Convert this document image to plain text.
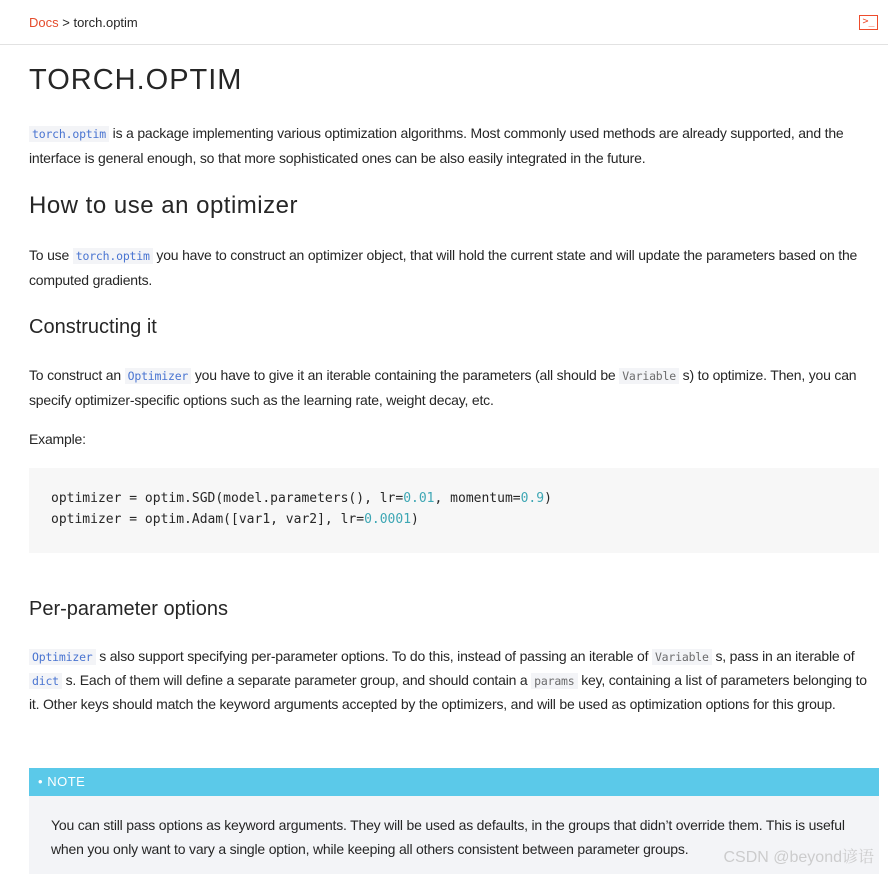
Docs > torch.optim	>_
TORCH.OPTIM

torch.optim is a package implementing various optimization algorithms. Most commonly used methods are already supported, and the interface is general enough, so that more sophisticated ones can be also easily integrated in the future.

How to use an optimizer

To use torch.optim you have to construct an optimizer object, that will hold the current state and will update the parameters based on the computed gradients.

Constructing it

To construct an Optimizer you have to give it an iterable containing the parameters (all should be Variable s) to optimize. Then, you can specify optimizer-specific options such as the learning rate, weight decay, etc.

Example:

optimizer = optim.SGD(model.parameters(), lr=0.01, momentum=0.9)
optimizer = optim.Adam([var1, var2], lr=0.0001)
Per-parameter options

Optimizer s also support specifying per-parameter options. To do this, instead of passing an iterable of Variable s, pass in an iterable of dict s. Each of them will define a separate parameter group, and should contain a params key, containing a list of parameters belonging to it. Other keys should match the keyword arguments accepted by the optimizers, and will be used as optimization options for this group.

• NOTE

You can still pass options as keyword arguments. They will be used as defaults, in the groups that didn’t override them. This is useful when you only want to vary a single option, while keeping all others consistent between parameter groups.	CSDN @beyond谚语
